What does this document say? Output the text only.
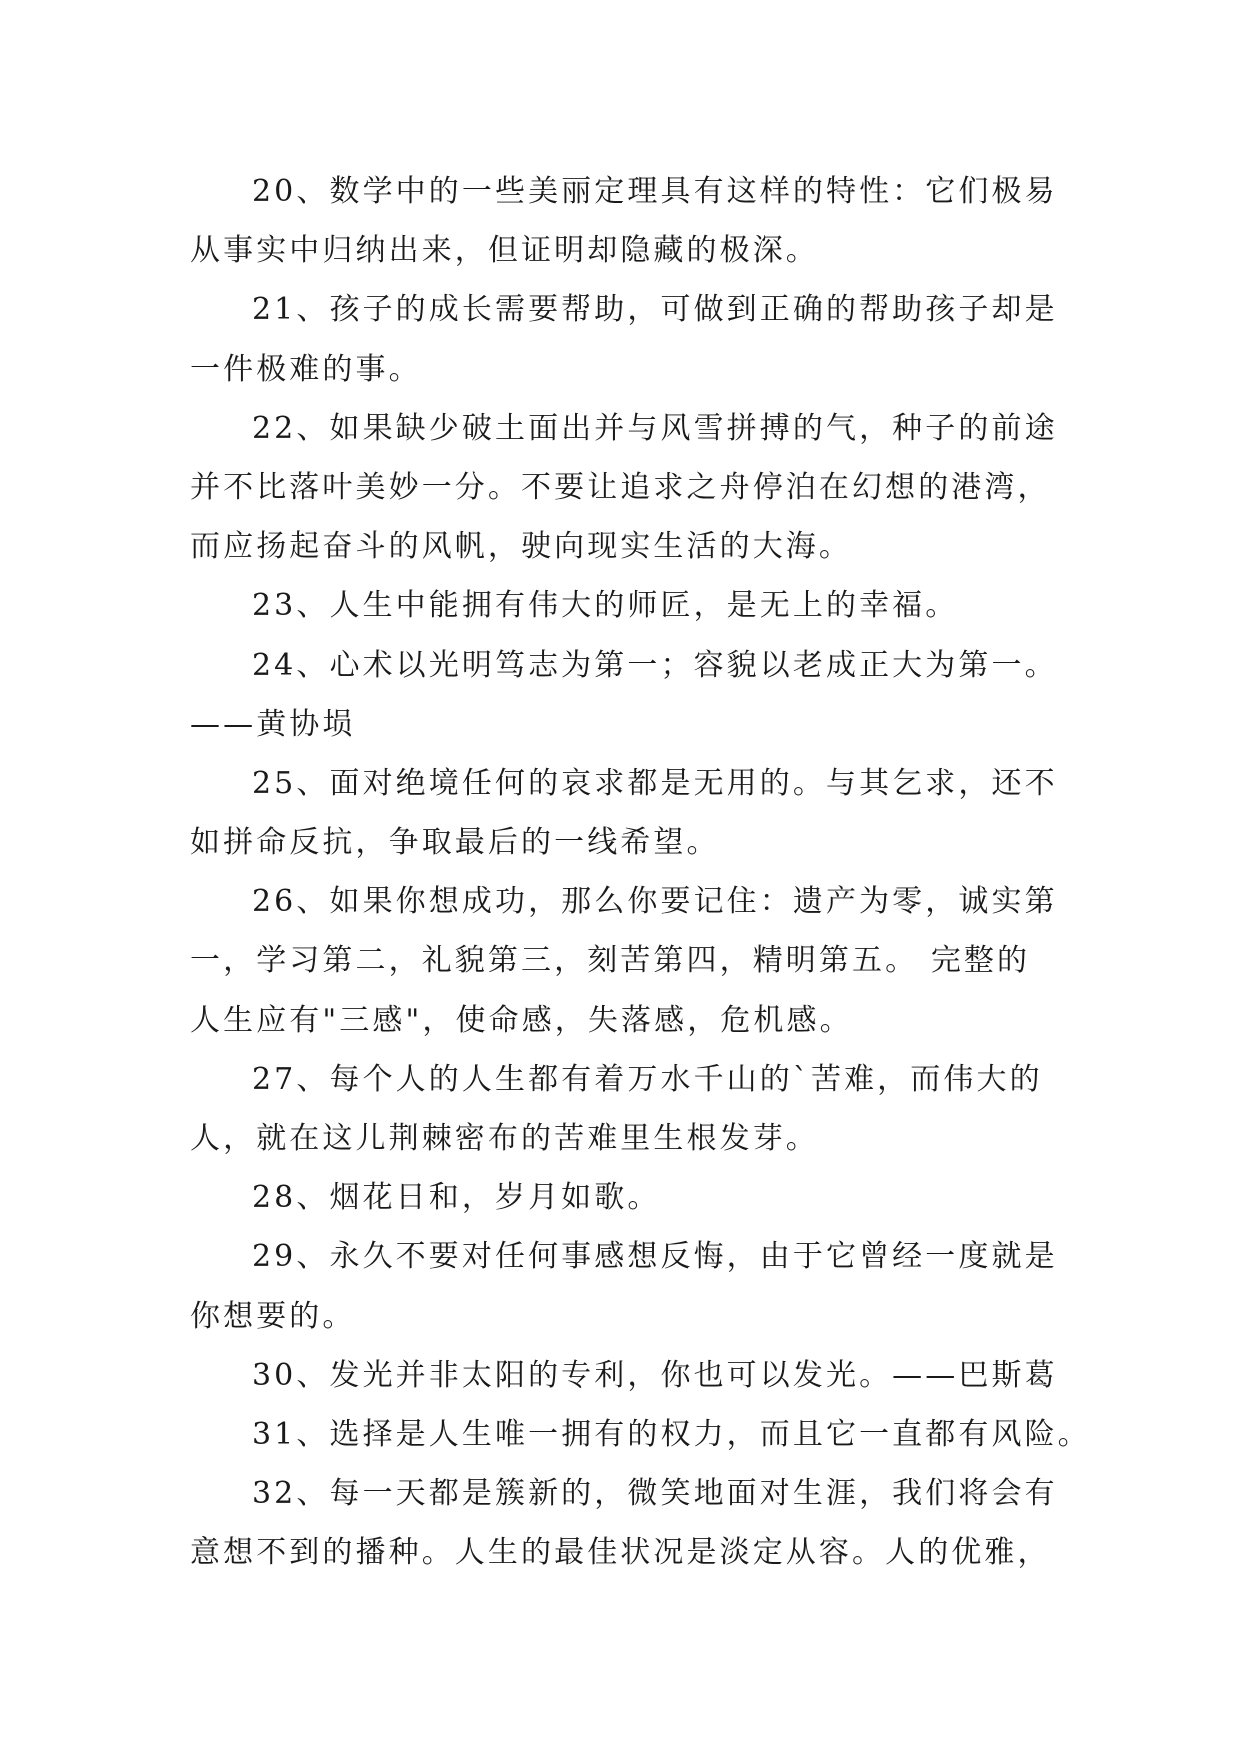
20、数学中的一些美丽定理具有这样的特性：它们极易
从事实中归纳出来，但证明却隐藏的极深。
21、孩子的成长需要帮助，可做到正确的帮助孩子却是
一件极难的事。
22、如果缺少破土面出并与风雪拼搏的气，种子的前途
并不比落叶美妙一分。不要让追求之舟停泊在幻想的港湾，
而应扬起奋斗的风帆，驶向现实生活的大海。
23、人生中能拥有伟大的师匠，是无上的幸福。
24、心术以光明笃志为第一；容貌以老成正大为第一。
——黄协埙
25、面对绝境任何的哀求都是无用的。与其乞求，还不
如拼命反抗，争取最后的一线希望。
26、如果你想成功，那么你要记住：遗产为零，诚实第
一，学习第二，礼貌第三，刻苦第四，精明第五。 完整的
人生应有"三感"，使命感，失落感，危机感。
27、每个人的人生都有着万水千山的`苦难，而伟大的
人，就在这儿荆棘密布的苦难里生根发芽。
28、烟花日和，岁月如歌。
29、永久不要对任何事感想反悔，由于它曾经一度就是
你想要的。
30、发光并非太阳的专利，你也可以发光。——巴斯葛
31、选择是人生唯一拥有的权力，而且它一直都有风险。
32、每一天都是簇新的，微笑地面对生涯，我们将会有
意想不到的播种。人生的最佳状况是淡定从容。人的优雅，
